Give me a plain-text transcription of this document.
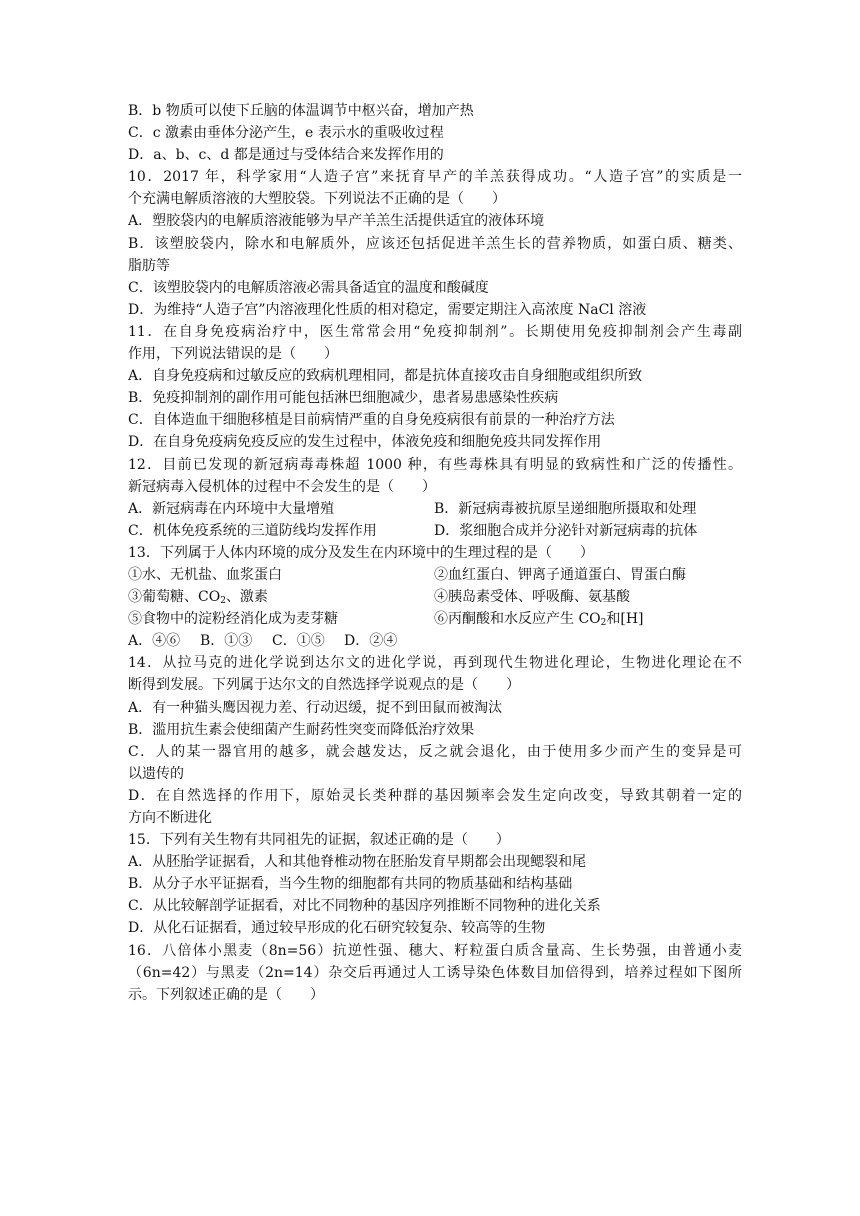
B．b 物质可以使下丘脑的体温调节中枢兴奋，增加产热
C．c 激素由垂体分泌产生，e 表示水的重吸收过程
D．a、b、c、d 都是通过与受体结合来发挥作用的
10．2017 年，科学家用“人造子宫”来抚育早产的羊羔获得成功。“人造子宫”的实质是一
个充满电解质溶液的大塑胶袋。下列说法不正确的是（　　）
A．塑胶袋内的电解质溶液能够为早产羊羔生活提供适宜的液体环境
B．该塑胶袋内，除水和电解质外，应该还包括促进羊羔生长的营养物质，如蛋白质、糖类、
脂肪等
C．该塑胶袋内的电解质溶液必需具备适宜的温度和酸碱度
D．为维持“人造子宫”内溶液理化性质的相对稳定，需要定期注入高浓度 NaCl 溶液
11．在自身免疫病治疗中，医生常常会用“免疫抑制剂”。长期使用免疫抑制剂会产生毒副
作用，下列说法错误的是（　　）
A．自身免疫病和过敏反应的致病机理相同，都是抗体直接攻击自身细胞或组织所致
B．免疫抑制剂的副作用可能包括淋巴细胞减少，患者易患感染性疾病
C．自体造血干细胞移植是目前病情严重的自身免疫病很有前景的一种治疗方法
D．在自身免疫病免疫反应的发生过程中，体液免疫和细胞免疫共同发挥作用
12．目前已发现的新冠病毒毒株超 1000 种，有些毒株具有明显的致病性和广泛的传播性。
新冠病毒入侵机体的过程中不会发生的是（　　）
A．新冠病毒在内环境中大量增殖	B．新冠病毒被抗原呈递细胞所摄取和处理
C．机体免疫系统的三道防线均发挥作用	D．浆细胞合成并分泌针对新冠病毒的抗体
13．下列属于人体内环境的成分及发生在内环境中的生理过程的是（　　）
①水、无机盐、血浆蛋白	②血红蛋白、钾离子通道蛋白、胃蛋白酶
③葡萄糖、$CO_2$、激素	④胰岛素受体、呼吸酶、氨基酸
⑤食物中的淀粉经消化成为麦芽糖	⑥丙酮酸和水反应产生 $CO_2$和[H]
A．④⑥	B．①③	C．①⑤	D．②④
14．从拉马克的进化学说到达尔文的进化学说，再到现代生物进化理论，生物进化理论在不
断得到发展。下列属于达尔文的自然选择学说观点的是（　　）
A．有一种猫头鹰因视力差、行动迟缓，捉不到田鼠而被淘汰
B．滥用抗生素会使细菌产生耐药性突变而降低治疗效果
C．人的某一器官用的越多，就会越发达，反之就会退化，由于使用多少而产生的变异是可
以遗传的
D．在自然选择的作用下，原始灵长类种群的基因频率会发生定向改变，导致其朝着一定的
方向不断进化
15．下列有关生物有共同祖先的证据，叙述正确的是（　　）
A．从胚胎学证据看，人和其他脊椎动物在胚胎发育早期都会出现鳃裂和尾
B．从分子水平证据看，当今生物的细胞都有共同的物质基础和结构基础
C．从比较解剖学证据看，对比不同物种的基因序列推断不同物种的进化关系
D．从化石证据看，通过较早形成的化石研究较复杂、较高等的生物
16．八倍体小黑麦（8n=56）抗逆性强、穗大、籽粒蛋白质含量高、生长势强，由普通小麦
（6n=42）与黑麦（2n=14）杂交后再通过人工诱导染色体数目加倍得到，培养过程如下图所
示。下列叙述正确的是（　　）
